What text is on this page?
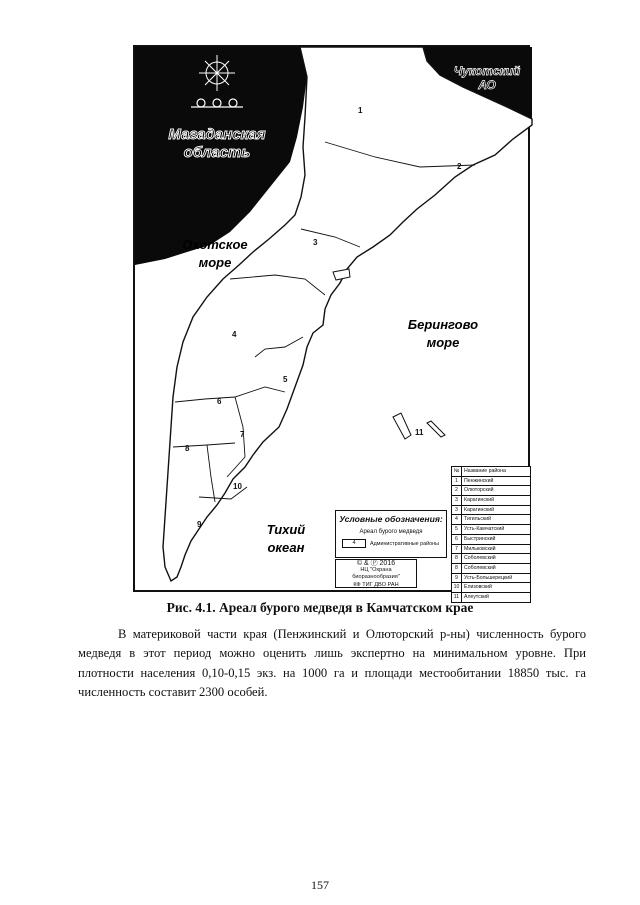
Магаданская
область
Чукотский
АО
Охотское
море
Берингово
море
Тихий
океан
1
2
3
4
5
6
7
8
9
10
11
№ Название района
1	Пенжинский
2	Олюторский
3	Карагинский
3	Карагинский
4	Тигильский
5	Усть-Камчатский
6	Быстринский
7	Мильковский
8	Соболевский
8	Соболевский
9	Усть-Большерецкий
10 Елизовский
11 Алеутский
Условные обозначения:
Ареал бурого медведя
4	Административные районы
© & Ⓟ 2016
НЦ "Охрана биоразнообразия"
КФ ТИГ ДВО РАН
Рис. 4.1. Ареал бурого медведя в Камчатском крае

В материковой части края (Пенжинский и Олюторский р-ны) численность бурого медведя в этот период можно оценить лишь экспертно на минимальном уровне. При плотности населения 0,10-0,15 экз. на 1000 га и площади местообитании 18850 тыс. га численность составит 2300 особей.

157
